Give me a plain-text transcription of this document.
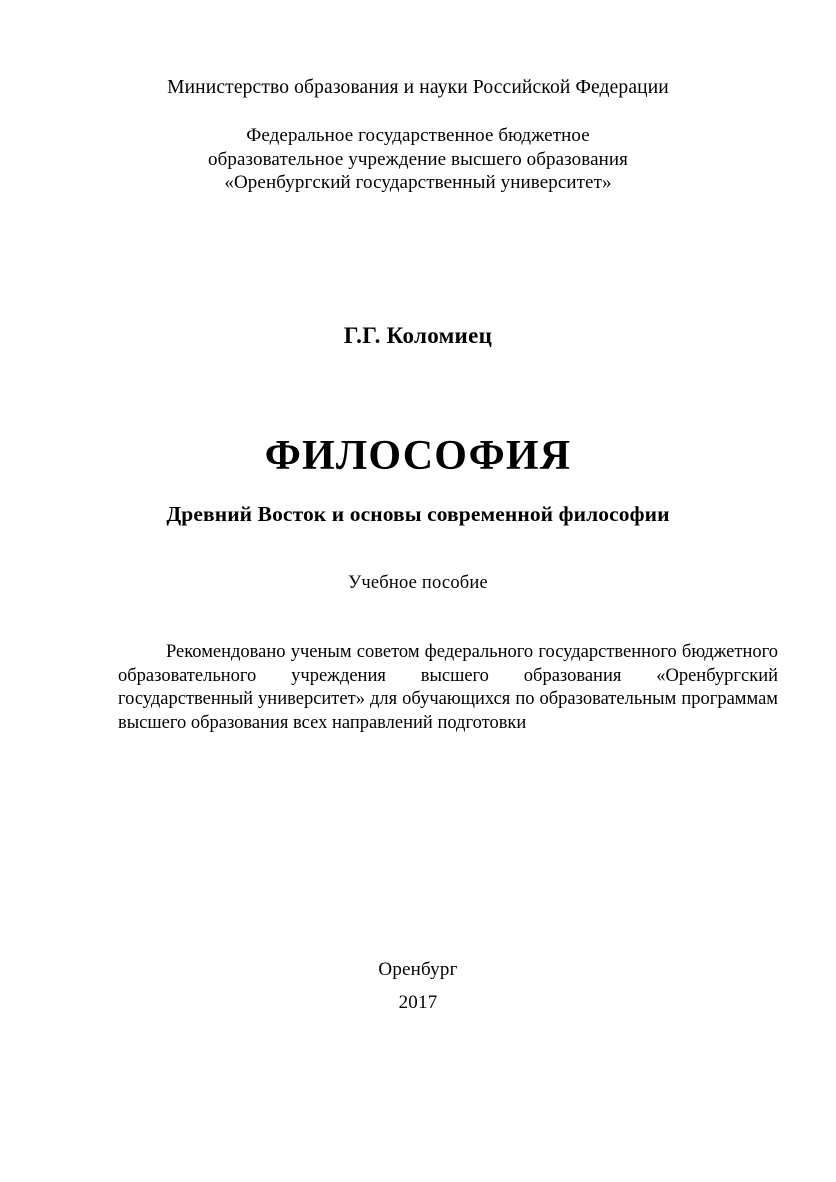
Министерство образования и науки Российской Федерации
Федеральное государственное бюджетное
образовательное учреждение высшего образования
«Оренбургский государственный университет»
Г.Г. Коломиец
ФИЛОСОФИЯ
Древний Восток и основы современной философии
Учебное пособие
Рекомендовано ученым советом федерального государственного бюджетного образовательного учреждения высшего образования «Оренбургский государственный университет» для обучающихся по образовательным программам высшего образования всех направлений подготовки
Оренбург
2017
